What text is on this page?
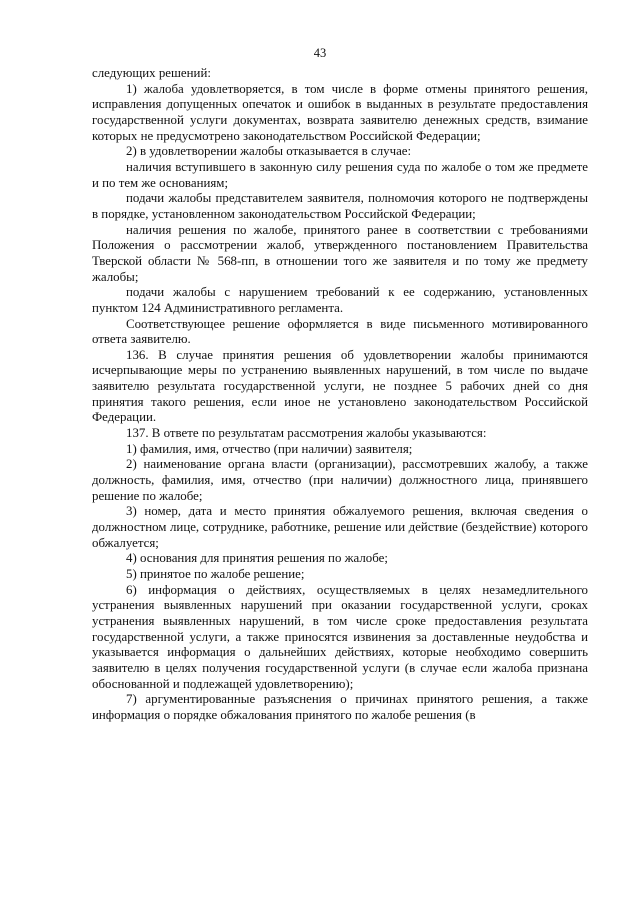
43

следующих решений:

1) жалоба удовлетворяется, в том числе в форме отмены принятого решения, исправления допущенных опечаток и ошибок в выданных в результате предоставления государственной услуги документах, возврата заявителю денежных средств, взимание которых не предусмотрено законодательством Российской Федерации;

2) в удовлетворении жалобы отказывается в случае:

наличия вступившего в законную силу решения суда по жалобе о том же предмете и по тем же основаниям;

подачи жалобы представителем заявителя, полномочия которого не подтверждены в порядке, установленном законодательством Российской Федерации;

наличия решения по жалобе, принятого ранее в соответствии с требованиями Положения о рассмотрении жалоб, утвержденного постановлением Правительства Тверской области № 568-пп, в отношении того же заявителя и по тому же предмету жалобы;

подачи жалобы с нарушением требований к ее содержанию, установленных пунктом 124 Административного регламента.

Соответствующее решение оформляется в виде письменного мотивированного ответа заявителю.

136. В случае принятия решения об удовлетворении жалобы принимаются исчерпывающие меры по устранению выявленных нарушений, в том числе по выдаче заявителю результата государственной услуги, не позднее 5 рабочих дней со дня принятия такого решения, если иное не установлено законодательством Российской Федерации.

137. В ответе по результатам рассмотрения жалобы указываются:

1) фамилия, имя, отчество (при наличии) заявителя;

2) наименование органа власти (организации), рассмотревших жалобу, а также должность, фамилия, имя, отчество (при наличии) должностного лица, принявшего решение по жалобе;

3) номер, дата и место принятия обжалуемого решения, включая сведения о должностном лице, сотруднике, работнике, решение или действие (бездействие) которого обжалуется;

4) основания для принятия решения по жалобе;

5) принятое по жалобе решение;

6) информация о действиях, осуществляемых в целях незамедлительного устранения выявленных нарушений при оказании государственной услуги, сроках устранения выявленных нарушений, в том числе сроке предоставления результата государственной услуги, а также приносятся извинения за доставленные неудобства и указывается информация о дальнейших действиях, которые необходимо совершить заявителю в целях получения государственной услуги (в случае если жалоба признана обоснованной и подлежащей удовлетворению);

7) аргументированные разъяснения о причинах принятого решения, а также информация о порядке обжалования принятого по жалобе решения (в
